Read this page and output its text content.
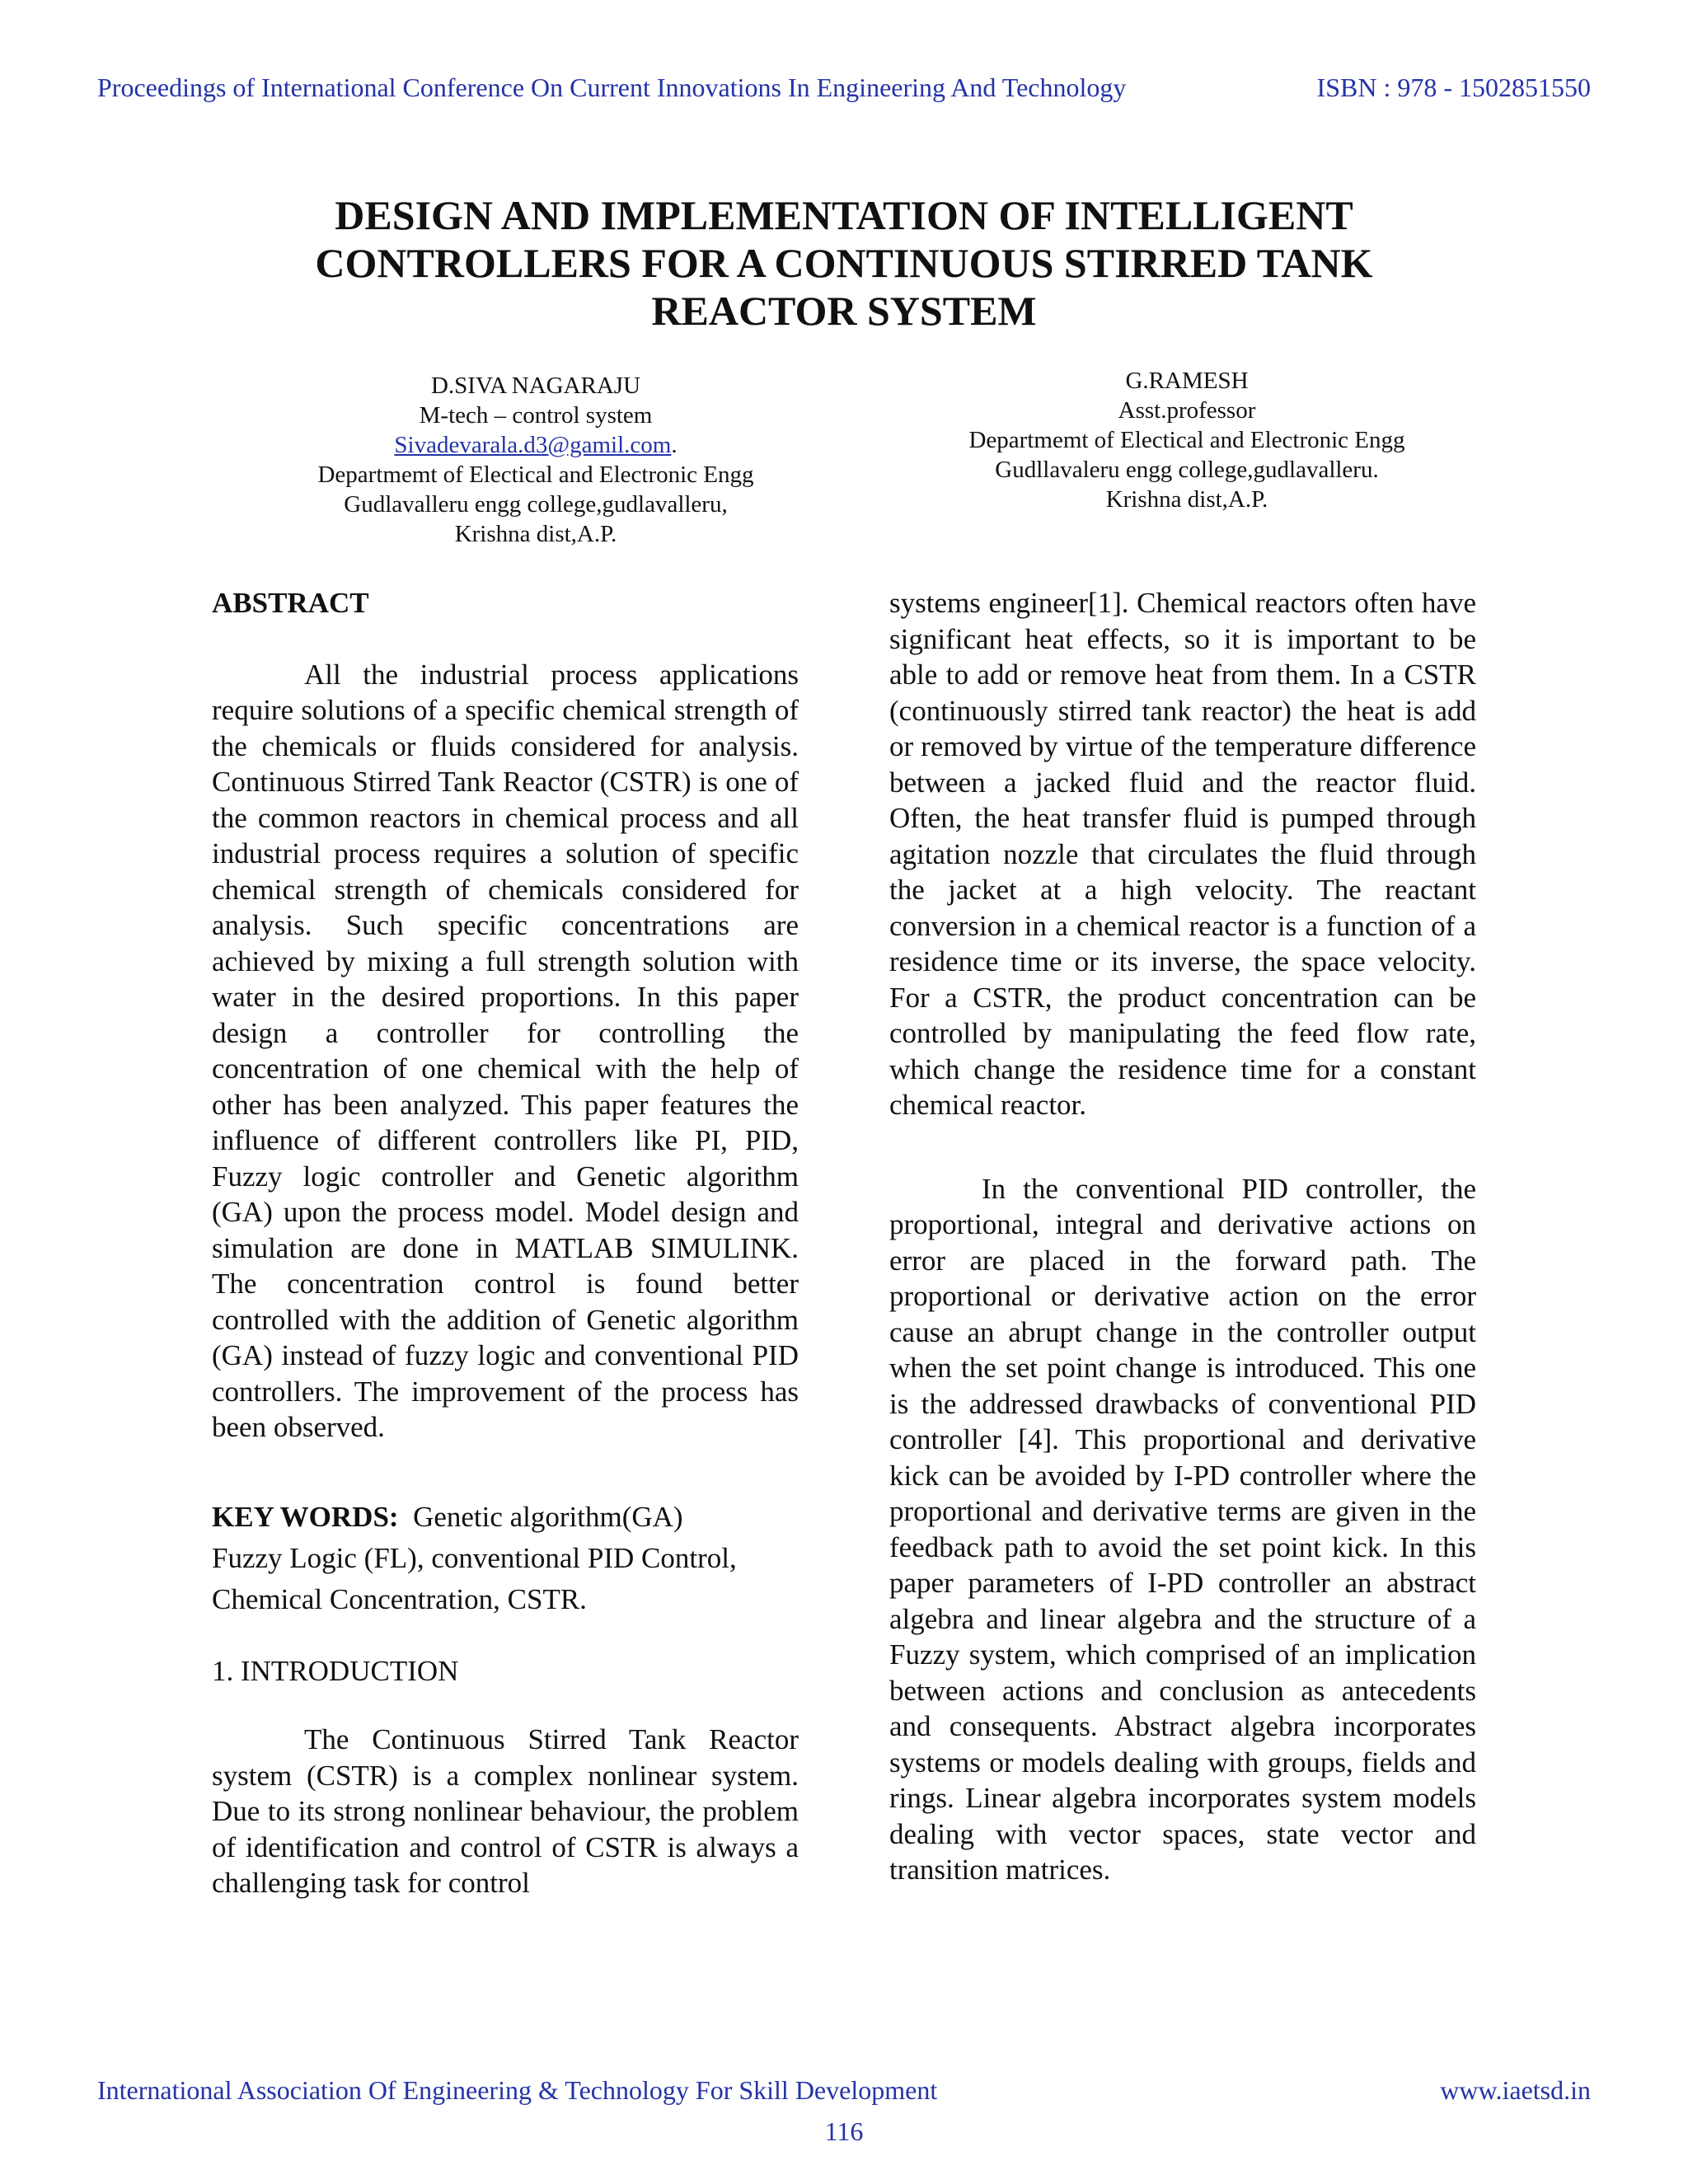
Proceedings of International Conference On Current Innovations In Engineering And Technology	ISBN : 978 - 1502851550
DESIGN AND IMPLEMENTATION OF INTELLIGENT
CONTROLLERS FOR A CONTINUOUS STIRRED TANK
REACTOR SYSTEM
D.SIVA NAGARAJU
M-tech – control system
Sivadevarala.d3@gamil.com.
Departmemt of Electical and Electronic Engg
Gudlavalleru engg college,gudlavalleru,
Krishna dist,A.P.
G.RAMESH
Asst.professor
Departmemt of Electical and Electronic Engg
Gudllavaleru engg college,gudlavalleru.
Krishna dist,A.P.

ABSTRACT

All the industrial process applications require solutions of a specific chemical strength of the chemicals or fluids considered for analysis. Continuous Stirred Tank Reactor (CSTR) is one of the common reactors in chemical process and all industrial process requires a solution of specific chemical strength of chemicals considered for analysis. Such specific concentrations are achieved by mixing a full strength solution with water in the desired proportions. In this paper design a controller for controlling the concentration of one chemical with the help of other has been analyzed. This paper features the influence of different controllers like PI, PID, Fuzzy logic controller and Genetic algorithm (GA) upon the process model. Model design and simulation are done in MATLAB SIMULINK. The concentration control is found better controlled with the addition of Genetic algorithm (GA) instead of fuzzy logic and conventional PID controllers. The improvement of the process has been observed.

KEY WORDS: Genetic algorithm(GA)
Fuzzy Logic (FL), conventional PID Control,
Chemical Concentration, CSTR.

1. INTRODUCTION

The Continuous Stirred Tank Reactor system (CSTR) is a complex nonlinear system. Due to its strong nonlinear behaviour, the problem of identification and control of CSTR is always a challenging task for control

systems engineer[1]. Chemical reactors often have significant heat effects, so it is important to be able to add or remove heat from them. In a CSTR (continuously stirred tank reactor) the heat is add or removed by virtue of the temperature difference between a jacked fluid and the reactor fluid. Often, the heat transfer fluid is pumped through agitation nozzle that circulates the fluid through the jacket at a high velocity. The reactant conversion in a chemical reactor is a function of a residence time or its inverse, the space velocity. For a CSTR, the product concentration can be controlled by manipulating the feed flow rate, which change the residence time for a constant chemical reactor.

In the conventional PID controller, the proportional, integral and derivative actions on error are placed in the forward path. The proportional or derivative action on the error cause an abrupt change in the controller output when the set point change is introduced. This one is the addressed drawbacks of conventional PID controller [4]. This proportional and derivative kick can be avoided by I-PD controller where the proportional and derivative terms are given in the feedback path to avoid the set point kick. In this paper parameters of I-PD controller an abstract algebra and linear algebra and the structure of a Fuzzy system, which comprised of an implication between actions and conclusion as antecedents and consequents. Abstract algebra incorporates systems or models dealing with groups, fields and rings. Linear algebra incorporates system models dealing with vector spaces, state vector and transition matrices.

International Association Of Engineering & Technology For Skill Development	www.iaetsd.in
116
